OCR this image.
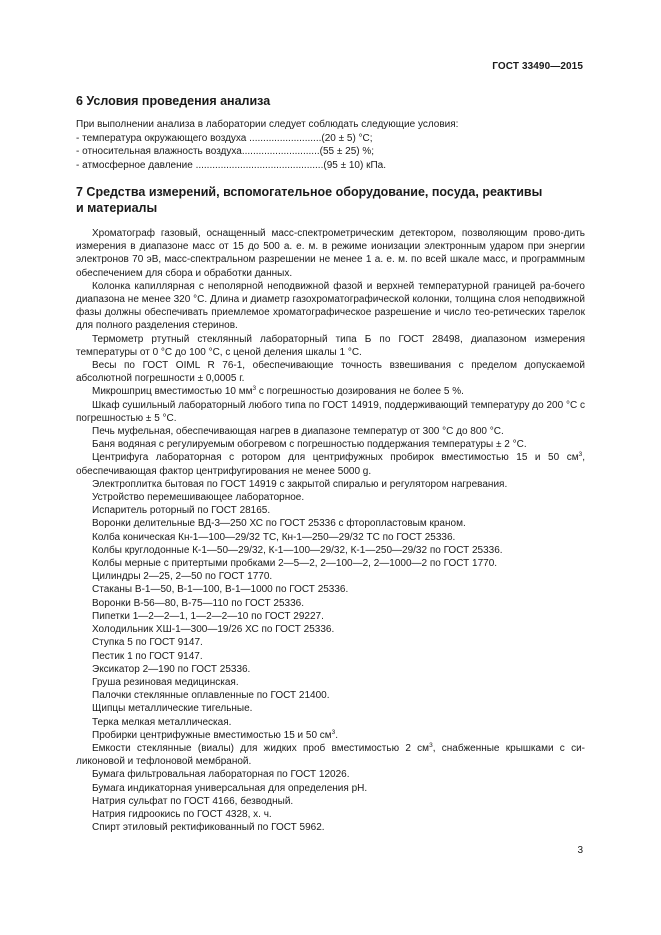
ГОСТ 33490—2015
6 Условия проведения анализа
При выполнении анализа в лаборатории следует соблюдать следующие условия:
- температура окружающего воздуха ..........................(20 ± 5) °С;
- относительная влажность воздуха............................(55 ± 25) %;
- атмосферное давление ..............................................(95 ± 10) кПа.
7 Средства измерений, вспомогательное оборудование, посуда, реактивы
и материалы

Хроматограф газовый, оснащенный масс-спектрометрическим детектором, позволяющим прово-дить измерения в диапазоне масс от 15 до 500 а. е. м. в режиме ионизации электронным ударом при энергии электронов 70 эВ, масс-спектральном разрешении не менее 1 а. е. м. по всей шкале масс, и программным обеспечением для сбора и обработки данных.

Колонка капиллярная с неполярной неподвижной фазой и верхней температурной границей ра-бочего диапазона не менее 320 °С. Длина и диаметр газохроматографической колонки, толщина слоя неподвижной фазы должны обеспечивать приемлемое хроматографическое разрешение и число тео-ретических тарелок для полного разделения стеринов.

Термометр ртутный стеклянный лабораторный типа Б по ГОСТ 28498, диапазоном измерения температуры от 0 °С до 100 °С, с ценой деления шкалы 1 °С.

Весы по ГОСТ OIML R 76-1, обеспечивающие точность взвешивания с пределом допускаемой абсолютной погрешности ± 0,0005 г.

Микрошприц вместимостью 10 $мм^3$ с погрешностью дозирования не более 5 %.

Шкаф сушильный лабораторный любого типа по ГОСТ 14919, поддерживающий температуру до 200 °С с погрешностью ± 5 °С.

Печь муфельная, обеспечивающая нагрев в диапазоне температур от 300 °С до 800 °С.

Баня водяная с регулируемым обогревом с погрешностью поддержания температуры ± 2 °С.

Центрифуга лабораторная с ротором для центрифужных пробирок вместимостью 15 и 50 $см^3$, обеспечивающая фактор центрифугирования не менее 5000 g.

Электроплитка бытовая по ГОСТ 14919 с закрытой спиралью и регулятором нагревания.

Устройство перемешивающее лабораторное.

Испаритель роторный по ГОСТ 28165.

Воронки делительные ВД-3—250 ХС по ГОСТ 25336 с фторопластовым краном.

Колба коническая Кн-1—100—29/32 ТС, Кн-1—250—29/32 ТС по ГОСТ 25336.

Колбы круглодонные К-1—50—29/32, К-1—100—29/32, К-1—250—29/32 по ГОСТ 25336.

Колбы мерные с притертыми пробками 2—5—2, 2—100—2, 2—1000—2 по ГОСТ 1770.

Цилиндры 2—25, 2—50 по ГОСТ 1770.

Стаканы В-1—50, В-1—100, В-1—1000 по ГОСТ 25336.

Воронки В-56—80, В-75—110 по ГОСТ 25336.

Пипетки 1—2—2—1, 1—2—2—10 по ГОСТ 29227.

Холодильник ХШ-1—300—19/26 ХС по ГОСТ 25336.

Ступка 5 по ГОСТ 9147.

Пестик 1 по ГОСТ 9147.

Эксикатор 2—190 по ГОСТ 25336.

Груша резиновая медицинская.

Палочки стеклянные оплавленные по ГОСТ 21400.

Щипцы металлические тигельные.

Терка мелкая металлическая.

Пробирки центрифужные вместимостью 15 и 50 $см^3$.

Емкости стеклянные (виалы) для жидких проб вместимостью 2 $см^3$, снабженные крышками с си-ликоновой и тефлоновой мембраной.

Бумага фильтровальная лабораторная по ГОСТ 12026.

Бумага индикаторная универсальная для определения pH.

Натрия сульфат по ГОСТ 4166, безводный.

Натрия гидроокись по ГОСТ 4328, х. ч.

Спирт этиловый ректификованный по ГОСТ 5962.

3
